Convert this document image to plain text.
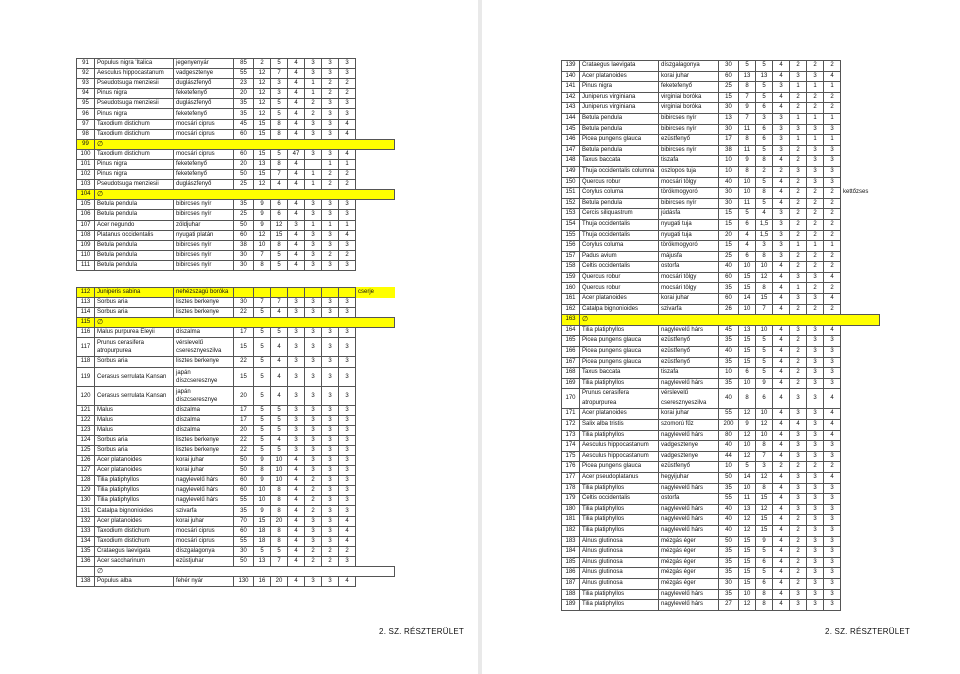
91	Populus nigra 'Italica	jegenyenyár	85	2	5	4	3	3	3		
92	Aesculus hippocastanum	vadgesztenye	55	12	7	4	3	3	3		
93	Pseudotsuga menziesii	duglászfenyő	23	12	3	4	1	2	2		
94	Pinus nigra	feketefenyő	20	12	3	4	1	2	2		
95	Pseudotsuga menziesii	duglászfenyő	35	12	5	4	2	3	3		
96	Pinus nigra	feketefenyő	35	12	5	4	2	3	3		
97	Taxodium distichum	mocsári ciprus	45	15	8	4	3	3	4		
98	Taxodium distichum	mocsári ciprus	60	15	8	4	3	3	4		
99	∅										
100	Taxodium distichum	mocsári ciprus	60	15	5	47	3	3	4		
101	Pinus nigra	feketefenyő	20	13	8	4		1	1		
102	Pinus nigra	feketefenyő	50	15	7	4	1	2	2		
103	Pseudotsuga menziesii	duglászfenyő	25	12	4	4	1	2	2		
104	∅										
105	Betula pendula	bibircses nyír	35	9	6	4	3	3	3		
106	Betula pendula	bibircses nyír	25	9	6	4	3	3	3		
107	Acer negundo	zöldjuhar	50	9	12	3	1	1	1		
108	Platanus occidentalis	nyugati platán	60	12	15	4	3	3	4		
109	Betula pendula	bibircses nyír	38	10	8	4	3	3	3		
110	Betula pendula	bibircses nyír	30	7	5	4	3	2	2		
111	Betula pendula	bibircses nyír	30	8	5	4	3	3	3		

112	Juniperis sabina	nehézszagú boróka								cserje	
113	Sorbus aria	lisztes berkenye	30	7	7	3	3	3	3		
114	Sorbus aria	lisztes berkenye	22	5	4	3	3	3	3		
115	∅										
116	Malus purpurea Eleyii	díszalma	17	5	5	3	3	3	3		
117	Prunus cerasifera atropurpurea	vérslevelű cseresznyeszilva	15	5	4	3	3	3	3		
118	Sorbus aria	lisztes berkenye	22	5	4	3	3	3	3		
119	Cerasus serrulata Kansan	japán díszcseresznye	15	5	4	3	3	3	3		
120	Cerasus serrulata Kansan	japán díszcseresznye	20	5	4	3	3	3	3		
121	Malus	díszalma	17	5	5	3	3	3	3		
122	Malus	díszalma	17	5	5	3	3	3	3		
123	Malus	díszalma	20	5	5	3	3	3	3		
124	Sorbus aria	lisztes berkenye	22	5	4	3	3	3	3		
125	Sorbus aria	lisztes berkenye	22	5	5	3	3	3	3		
126	Acer platanoides	korai juhar	50	9	10	4	3	3	3		
127	Acer platanoides	korai juhar	50	8	10	4	3	3	3		
128	Tilia platiphyllos	nagylevelű hárs	60	9	10	4	2	3	3		
129	Tilia platiphyllos	nagylevelű hárs	60	10	8	4	2	3	3		
130	Tilia platiphyllos	nagylevelű hárs	55	10	8	4	2	3	3		
131	Catalpa bignonioides	szivarfa	35	9	8	4	2	3	3		
132	Acer platanoides	korai juhar	70	15	20	4	3	3	4		
133	Taxodium distichum	mocsári ciprus	60	18	8	4	3	3	4		
134	Taxodium distichum	mocsári ciprus	55	18	8	4	3	3	4		
135	Crataegus laevigata	díszgalagonya	30	5	5	4	2	2	2		
136	Acer saccharinum	ezüstjuhar	50	13	7	4	2	2	3		
	∅										
138	Populus alba	fehér nyár	130	16	20	4	3	3	4		
2. SZ. RÉSZTERÜLET
139	Crataegus laevigata	díszgalagonya	30	5	5	4	2	2	2		
140	Acer platanoides	korai juhar	60	13	13	4	3	3	4		
141	Pinus nigra	feketefenyő	25	8	5	3	1	1	1		
142	Juniperus virginiana	virginiai boróka	15	7	5	4	2	2	2		
143	Juniperus virginiana	virginiai boróka	30	9	6	4	2	2	2		
144	Betula pendula	bibircses nyír	13	7	3	3	1	1	1		
145	Betula pendula	bibircses nyír	30	11	6	3	3	3	3		
146	Picea pungens glauca	ezüstfenyő	17	8	6	3	1	1	1		
147	Betula pendula	bibircses nyír	38	11	5	3	2	3	3		
148	Taxus baccata	tiszafa	10	9	8	4	2	3	3		
149	Thuja occidentalis columna	oszlopos tuja	10	8	2	2	3	3	3		
150	Quercus robur	mocsári tölgy	40	10	5	4	2	3	3		
151	Corylus columa	törökmogyoró	30	10	8	4	2	2	2	kettőzses	
152	Betula pendula	bibircses nyír	30	11	5	4	2	2	2		
153	Cercis siliquastrum	júdásfa	15	5	4	3	2	2	2		
154	Thuja occidentalis	nyugati tuja	15	6	1,5	3	2	2	2		
155	Thuja occidentalis	nyugati tuja	20	4	1,5	3	2	2	2		
156	Corylus columa	törökmogyoró	15	4	3	3	1	1	1		
157	Padus avium	májusfa	25	6	8	3	2	2	2		
158	Celtis occidentalis	ostorfa	40	10	10	4	2	2	2		
159	Quercus robur	mocsári tölgy	60	15	12	4	3	3	4		
160	Quercus robur	mocsári tölgy	35	15	8	4	1	2	2		
161	Acer platanoides	korai juhar	60	14	15	4	3	3	4		
162	Catalpa bignonioides	szivarfa	26	10	7	4	2	2	2		
163	∅										
164	Tilia platiphyllos	nagylevelű hárs	45	13	10	4	3	3	4		
165	Picea pungens glauca	ezüstfenyő	35	15	5	4	2	3	3		
166	Picea pungens glauca	ezüstfenyő	40	15	5	4	2	3	3		
167	Picea pungens glauca	ezüstfenyő	35	15	5	4	2	3	3		
168	Taxus baccata	tiszafa	10	6	5	4	2	3	3		
169	Tilia platiphyllos	nagylevelű hárs	35	10	9	4	2	3	3		
170	Prunus cerasifera atropurpurea	vérslevelű cseresznyeszilva	40	8	6	4	3	3	4		
171	Acer platanoides	korai juhar	55	12	10	4	3	3	4		
172	Salix alba tristis	szomorú fűz	200	9	12	4	4	3	4		
173	Tilia platiphyllos	nagylevelű hárs	80	12	10	4	3	3	4		
174	Aesculus hippocastanum	vadgesztenye	40	10	8	4	3	3	3		
175	Aesculus hippocastanum	vadgesztenye	44	12	7	4	3	3	3		
176	Picea pungens glauca	ezüstfenyő	10	5	3	2	2	2	2		
177	Acer pseudoplatanus	hegyijuhar	50	14	12	4	3	3	4		
178	Tilia platiphyllos	nagylevelű hárs	35	10	8	4	3	3	3		
179	Celtis occidentalis	ostorfa	55	11	15	4	3	3	3		
180	Tilia platiphyllos	nagylevelű hárs	40	13	12	4	3	3	3		
181	Tilia platiphyllos	nagylevelű hárs	40	12	15	4	2	3	3		
182	Tilia platiphyllos	nagylevelű hárs	40	12	15	4	2	3	3		
183	Alnus glutinosa	mézgás éger	50	15	9	4	2	3	3		
184	Alnus glutinosa	mézgás éger	35	15	5	4	2	3	3		
185	Alnus glutinosa	mézgás éger	35	15	6	4	2	3	3		
186	Alnus glutinosa	mézgás éger	35	15	5	4	2	3	3		
187	Alnus glutinosa	mézgás éger	30	15	6	4	2	3	3		
188	Tilia platiphyllos	nagylevelű hárs	35	10	8	4	3	3	3		
189	Tilia platiphyllos	nagylevelű hárs	27	12	8	4	3	3	3		
2. SZ. RÉSZTERÜLET
